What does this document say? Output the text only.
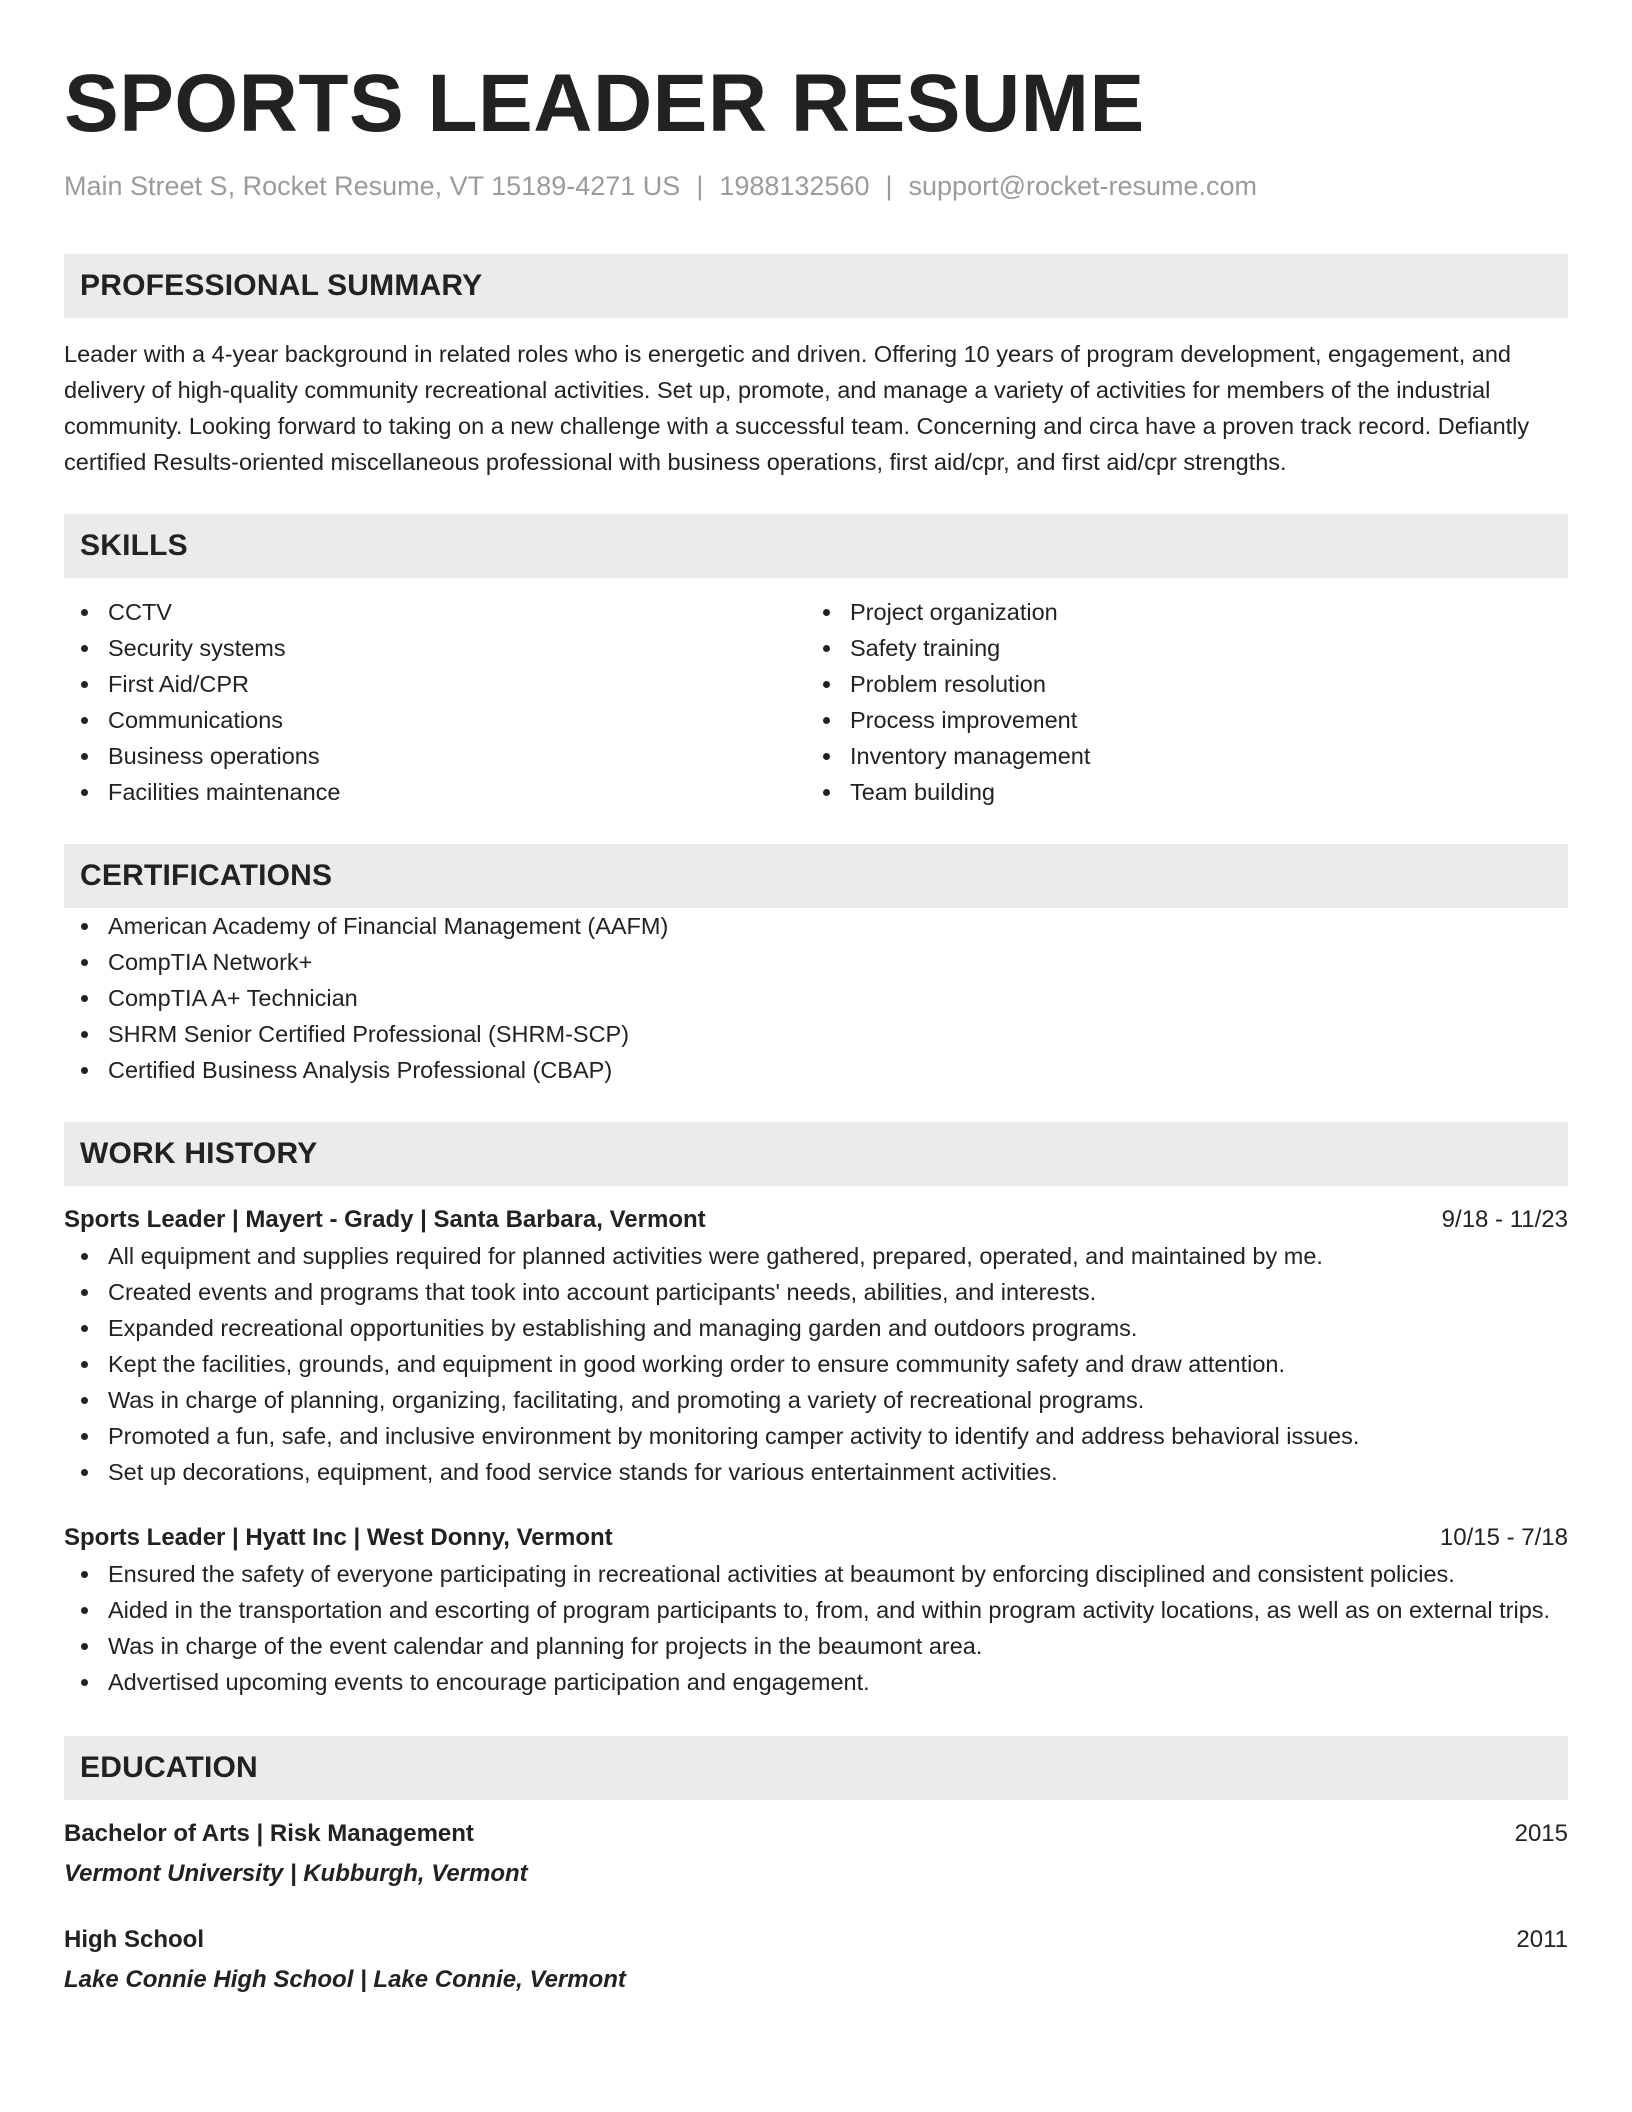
SPORTS LEADER RESUME
Main Street S, Rocket Resume, VT 15189-4271 US | 1988132560 | support@rocket-resume.com
PROFESSIONAL SUMMARY
Leader with a 4-year background in related roles who is energetic and driven. Offering 10 years of program development, engagement, and delivery of high-quality community recreational activities. Set up, promote, and manage a variety of activities for members of the industrial community. Looking forward to taking on a new challenge with a successful team. Concerning and circa have a proven track record. Defiantly certified Results-oriented miscellaneous professional with business operations, first aid/cpr, and first aid/cpr strengths.
SKILLS
CCTV
Security systems
First Aid/CPR
Communications
Business operations
Facilities maintenance
Project organization
Safety training
Problem resolution
Process improvement
Inventory management
Team building
CERTIFICATIONS
American Academy of Financial Management (AAFM)
CompTIA Network+
CompTIA A+ Technician
SHRM Senior Certified Professional (SHRM-SCP)
Certified Business Analysis Professional (CBAP)
WORK HISTORY
Sports Leader | Mayert - Grady | Santa Barbara, Vermont	9/18 - 11/23
All equipment and supplies required for planned activities were gathered, prepared, operated, and maintained by me.
Created events and programs that took into account participants' needs, abilities, and interests.
Expanded recreational opportunities by establishing and managing garden and outdoors programs.
Kept the facilities, grounds, and equipment in good working order to ensure community safety and draw attention.
Was in charge of planning, organizing, facilitating, and promoting a variety of recreational programs.
Promoted a fun, safe, and inclusive environment by monitoring camper activity to identify and address behavioral issues.
Set up decorations, equipment, and food service stands for various entertainment activities.
Sports Leader | Hyatt Inc | West Donny, Vermont	10/15 - 7/18
Ensured the safety of everyone participating in recreational activities at beaumont by enforcing disciplined and consistent policies.
Aided in the transportation and escorting of program participants to, from, and within program activity locations, as well as on external trips.
Was in charge of the event calendar and planning for projects in the beaumont area.
Advertised upcoming events to encourage participation and engagement.
EDUCATION
Bachelor of Arts | Risk Management	2015
Vermont University | Kubburgh, Vermont
High School	2011
Lake Connie High School | Lake Connie, Vermont
